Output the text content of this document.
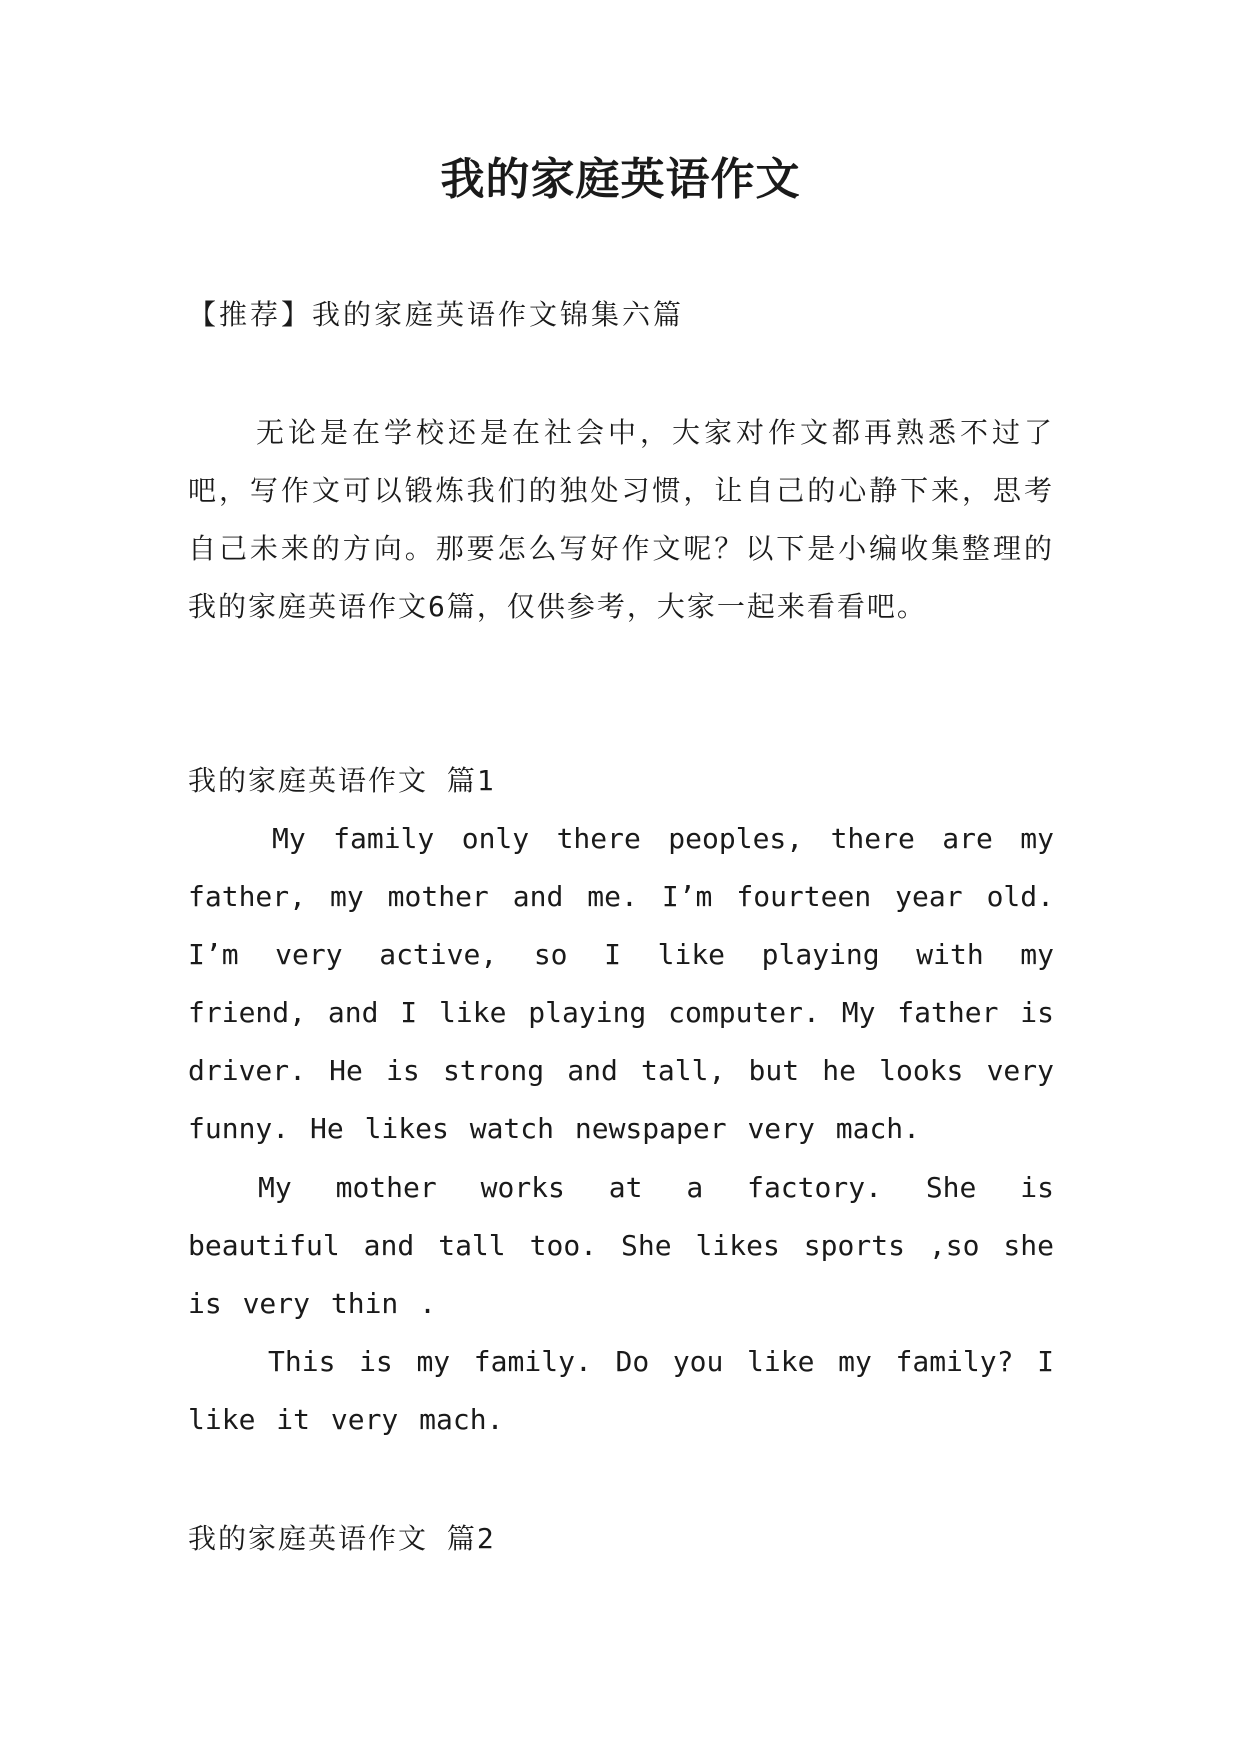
我的家庭英语作文

【推荐】我的家庭英语作文锦集六篇

无论是在学校还是在社会中，大家对作文都再熟悉不过了吧，写作文可以锻炼我们的独处习惯，让自己的心静下来，思考自己未来的方向。那要怎么写好作文呢？以下是小编收集整理的我的家庭英语作文6篇，仅供参考，大家一起来看看吧。

我的家庭英语作文 篇1

My family only there peoples, there are my father, my mother and me. I’m fourteen year old. I’m very active, so I like playing with my friend, and I like playing computer. My father is driver. He is strong and tall, but he looks very funny. He likes watch newspaper very mach.

My mother works at a factory. She is beautiful and tall too. She likes sports ,so she is very thin .

This is my family. Do you like my family? I like it very mach.

我的家庭英语作文 篇2
